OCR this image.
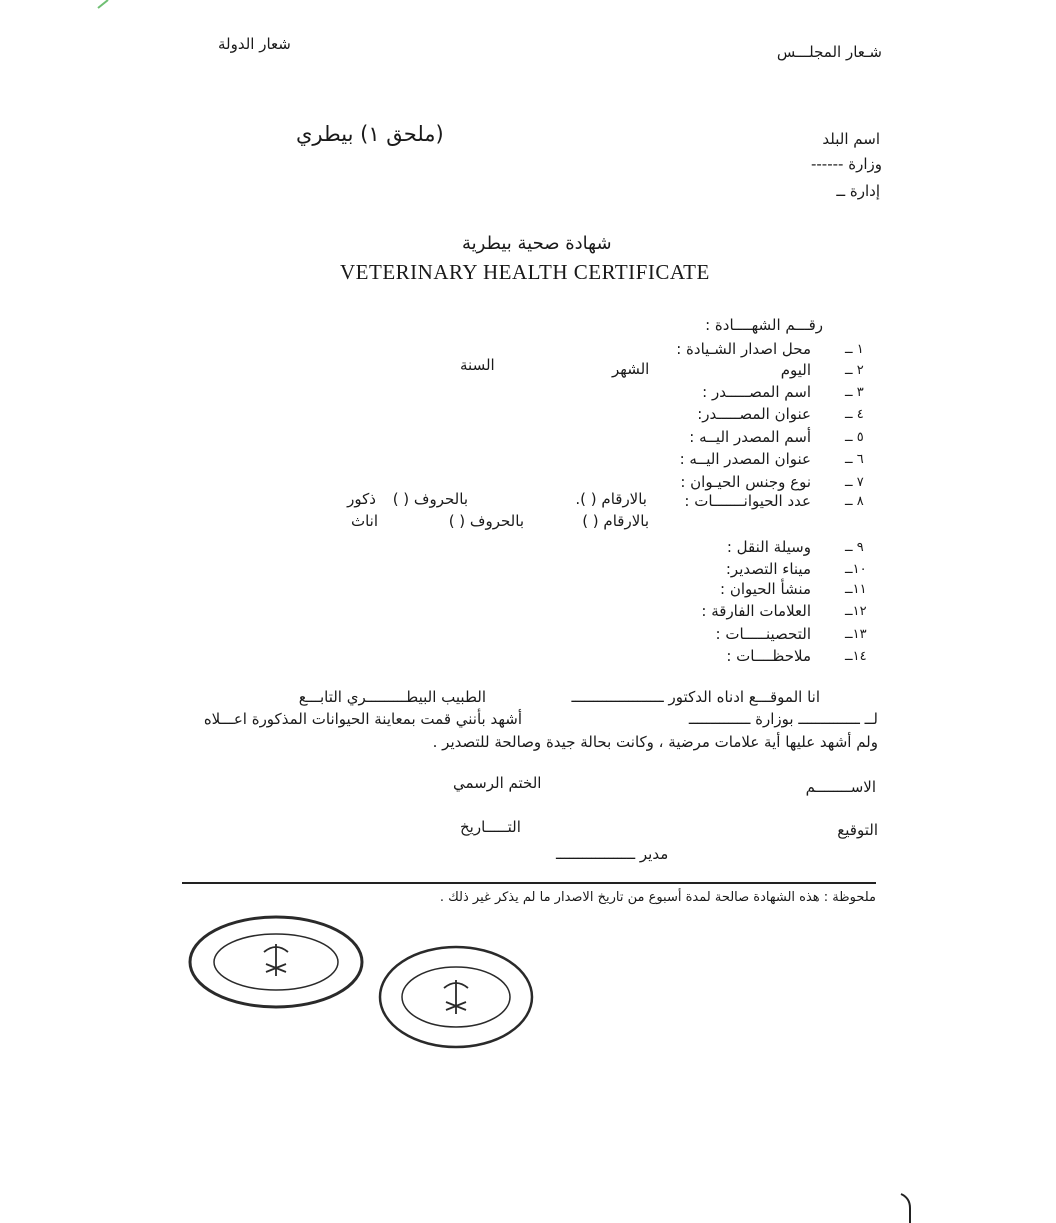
شـعار المجلـــس
شعار الدولة
اسم البلد
وزارة ------
إدارة ــ
(ملحق ١) بيطري
شهادة صحية بيطرية
VETERINARY HEALTH CERTIFICATE
رقـــم الشهــــادة :
١ ــ
محل اصدار الشـيادة :
٢ ــ
اليوم
٣ ــ
اسم المصـــــدر :
٤ ــ
عنوان المصـــــدر:
٥ ــ
أسم المصدر اليــه :
٦ ــ
عنوان المصدر اليــه :
٧ ــ
نوع وجنس الحيـوان :
٨ ــ
عدد الحيوانـــــــات :
٩ ــ
وسيلة النقل :
١٠ــ
ميناء التصدير:
١١ــ
منشأ الحيوان :
١٢ــ
العلامات الفارقة :
١٣ــ
التحصينـــــات :
١٤ــ
ملاحظــــات :
الشهر
السنة
بالارقام ( ).
بالحروف ( )
ذكور
بالارقام ( )
بالحروف ( )
اناث
انا الموقـــع ادناه الدكتور ـــــــــــــــــــــ
الطبيب البيطـــــــــري التابـــع
لــ ــــــــــــــ بوزارة ــــــــــــــ
أشهد بأنني قمت بمعاينة الحيوانات المذكورة اعـــلاه
ولم أشهد عليها أية علامات مرضية ، وكانت بحالة جيدة وصالحة للتصدير .
الاســــــــم
الختم الرسمي
التوقيع
التـــــاريخ
مدير ــــــــــــــــــ
ملحوظة : هذه الشهادة صالحة لمدة أسبوع من تاريخ الاصدار ما لم يذكر غير ذلك .
